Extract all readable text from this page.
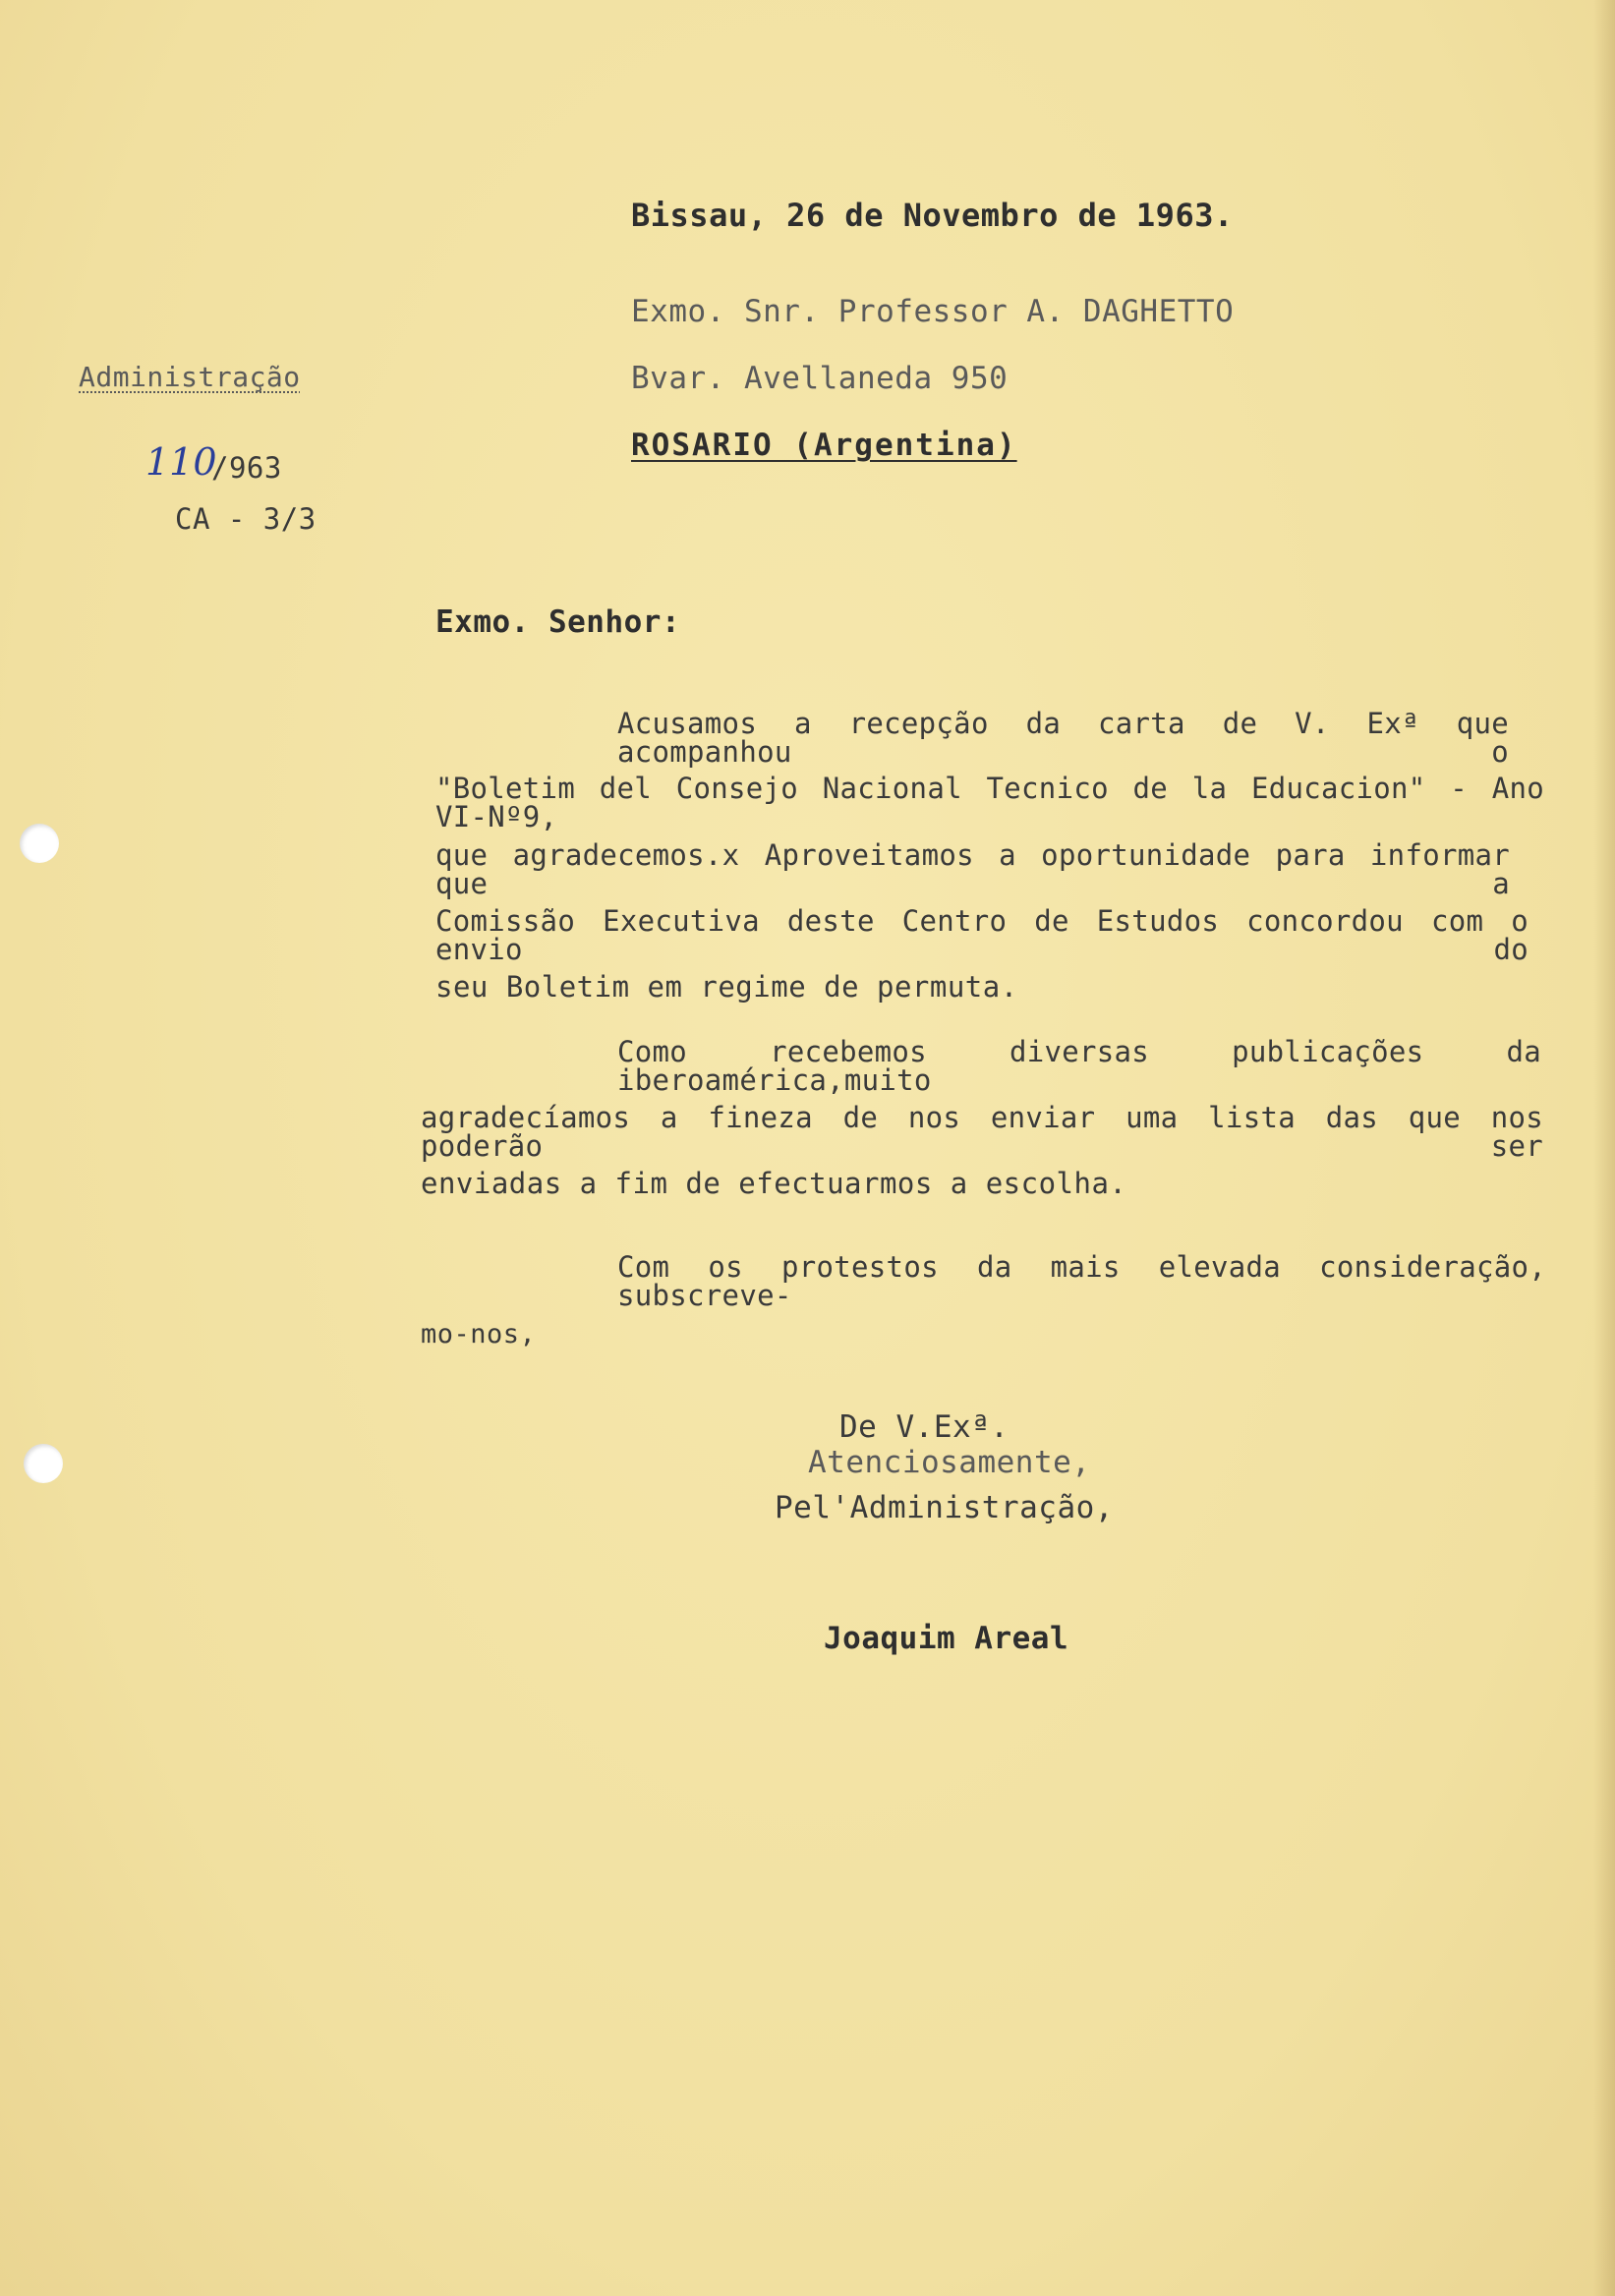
Bissau, 26 de Novembro de 1963.
Exmo. Snr. Professor A. DAGHETTO
Bvar. Avellaneda 950
ROSARIO (Argentina)
Administração
110
/963
CA - 3/3
Exmo. Senhor:
Acusamos a recepção da carta de V. Exª que acompanhou o
"Boletim del Consejo Nacional Tecnico de la Educacion" - Ano VI-Nº9,
que agradecemos.x Aproveitamos a oportunidade para informar que a
Comissão Executiva deste Centro de Estudos concordou com o envio do
seu Boletim em regime de permuta.
Como recebemos diversas publicações da iberoamérica,muito
agradecíamos a fineza de nos enviar uma lista das que nos poderão ser
enviadas a fim de efectuarmos a escolha.
Com os protestos da mais elevada consideração, subscreve-
mo-nos,
De V.Exª.
Atenciosamente,
Pel'Administração,
Joaquim Areal
